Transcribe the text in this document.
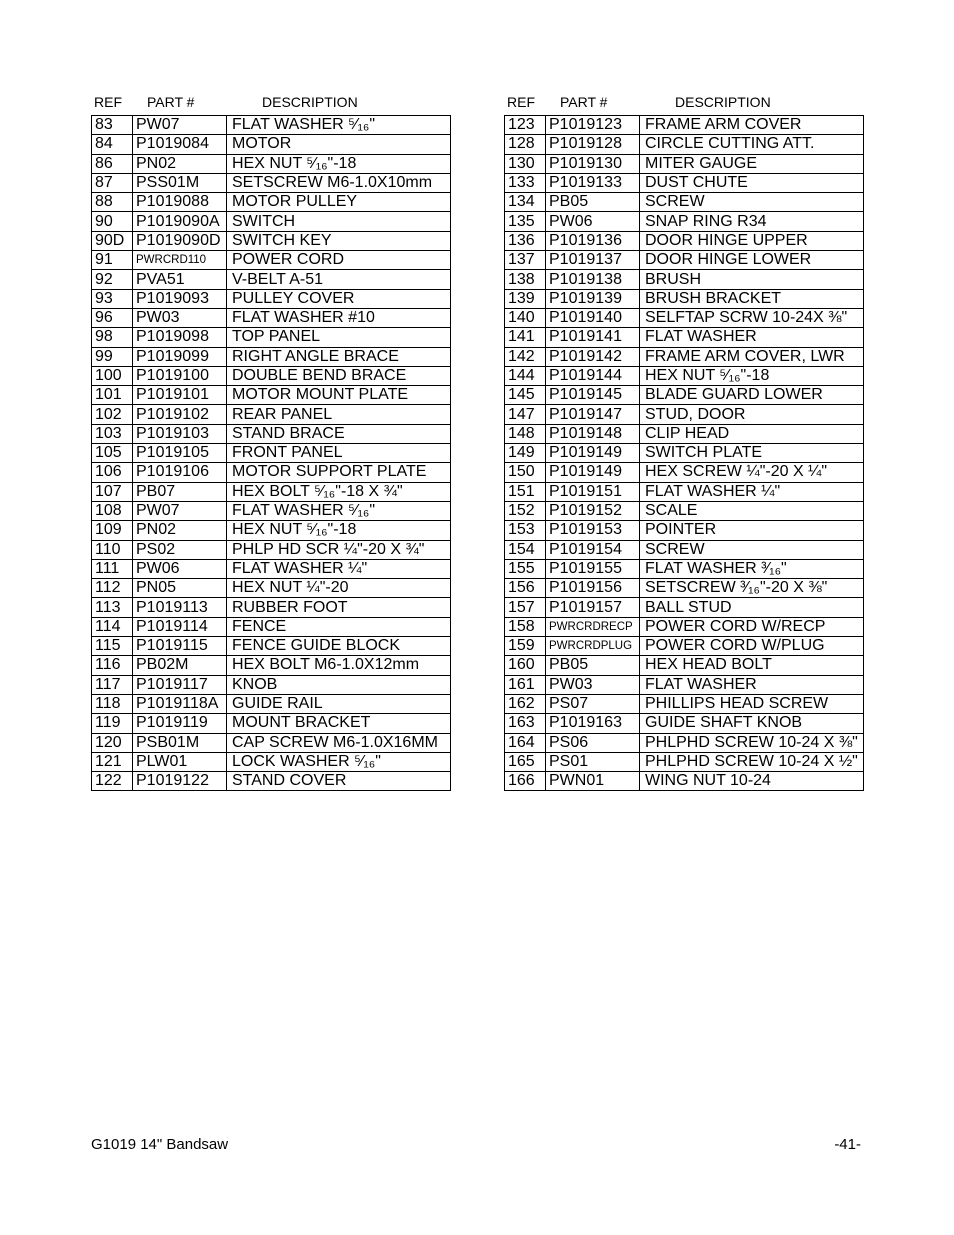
REF PART #	DESCRIPTION
83	PW07	FLAT WASHER ⁵⁄₁₆"
84	P1019084	MOTOR
86	PN02	HEX NUT ⁵⁄₁₆"-18
87	PSS01M	SETSCREW M6-1.0X10mm
88	P1019088	MOTOR PULLEY
90	P1019090A	SWITCH
90D	P1019090D	SWITCH KEY
91	PWRCRD110	POWER CORD
92	PVA51	V-BELT A-51
93	P1019093	PULLEY COVER
96	PW03	FLAT WASHER #10
98	P1019098	TOP PANEL
99	P1019099	RIGHT ANGLE BRACE
100	P1019100	DOUBLE BEND BRACE
101	P1019101	MOTOR MOUNT PLATE
102	P1019102	REAR PANEL
103	P1019103	STAND BRACE
105	P1019105	FRONT PANEL
106	P1019106	MOTOR SUPPORT PLATE
107	PB07	HEX BOLT ⁵⁄₁₆"-18 X ¾"
108	PW07	FLAT WASHER ⁵⁄₁₆"
109	PN02	HEX NUT ⁵⁄₁₆"-18
110	PS02	PHLP HD SCR ¼"-20 X ¾"
111	PW06	FLAT WASHER ¼"
112	PN05	HEX NUT ¼"-20
113	P1019113	RUBBER FOOT
114	P1019114	FENCE
115	P1019115	FENCE GUIDE BLOCK
116	PB02M	HEX BOLT M6-1.0X12mm
117	P1019117	KNOB
118	P1019118A	GUIDE RAIL
119	P1019119	MOUNT BRACKET
120	PSB01M	CAP SCREW M6-1.0X16MM
121	PLW01	LOCK WASHER ⁵⁄₁₆"
122	P1019122	STAND COVER
REF PART #	DESCRIPTION
123	P1019123	FRAME ARM COVER
128	P1019128	CIRCLE CUTTING ATT.
130	P1019130	MITER GAUGE
133	P1019133	DUST CHUTE
134	PB05	SCREW
135	PW06	SNAP RING R34
136	P1019136	DOOR HINGE UPPER
137	P1019137	DOOR HINGE LOWER
138	P1019138	BRUSH
139	P1019139	BRUSH BRACKET
140	P1019140	SELFTAP SCRW 10-24X ⅜"
141	P1019141	FLAT WASHER
142	P1019142	FRAME ARM COVER, LWR
144	P1019144	HEX NUT ⁵⁄₁₆"-18
145	P1019145	BLADE GUARD LOWER
147	P1019147	STUD, DOOR
148	P1019148	CLIP HEAD
149	P1019149	SWITCH PLATE
150	P1019149	HEX SCREW ¼"-20 X ¼"
151	P1019151	FLAT WASHER ¼"
152	P1019152	SCALE
153	P1019153	POINTER
154	P1019154	SCREW
155	P1019155	FLAT WASHER ³⁄₁₆"
156	P1019156	SETSCREW ³⁄₁₆"-20 X ⅜"
157	P1019157	BALL STUD
158	PWRCRDRECP	POWER CORD W/RECP
159	PWRCRDPLUG	POWER CORD W/PLUG
160	PB05	HEX HEAD BOLT
161	PW03	FLAT WASHER
162	PS07	PHILLIPS HEAD SCREW
163	P1019163	GUIDE SHAFT KNOB
164	PS06	PHLPHD SCREW 10-24 X ⅜"
165	PS01	PHLPHD SCREW 10-24 X ½"
166	PWN01	WING NUT 10-24
G1019 14" Bandsaw	-41-
